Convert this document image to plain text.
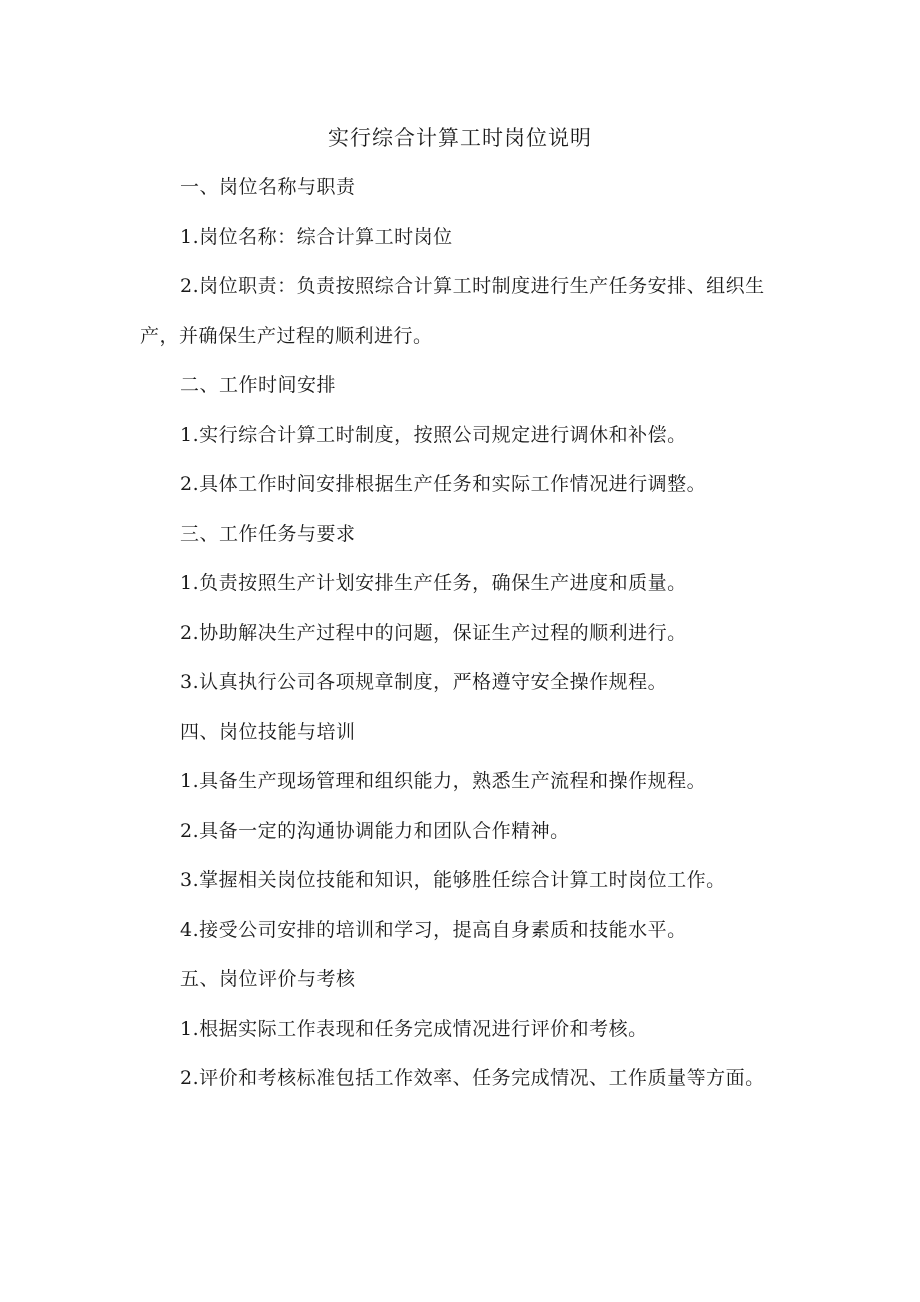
实行综合计算工时岗位说明

一、岗位名称与职责

1.岗位名称：综合计算工时岗位

2.岗位职责：负责按照综合计算工时制度进行生产任务安排、组织生产，并确保生产过程的顺利进行。

二、工作时间安排

1.实行综合计算工时制度，按照公司规定进行调休和补偿。

2.具体工作时间安排根据生产任务和实际工作情况进行调整。

三、工作任务与要求

1.负责按照生产计划安排生产任务，确保生产进度和质量。

2.协助解决生产过程中的问题，保证生产过程的顺利进行。

3.认真执行公司各项规章制度，严格遵守安全操作规程。

四、岗位技能与培训

1.具备生产现场管理和组织能力，熟悉生产流程和操作规程。

2.具备一定的沟通协调能力和团队合作精神。

3.掌握相关岗位技能和知识，能够胜任综合计算工时岗位工作。

4.接受公司安排的培训和学习，提高自身素质和技能水平。

五、岗位评价与考核

1.根据实际工作表现和任务完成情况进行评价和考核。

2.评价和考核标准包括工作效率、任务完成情况、工作质量等方面。
